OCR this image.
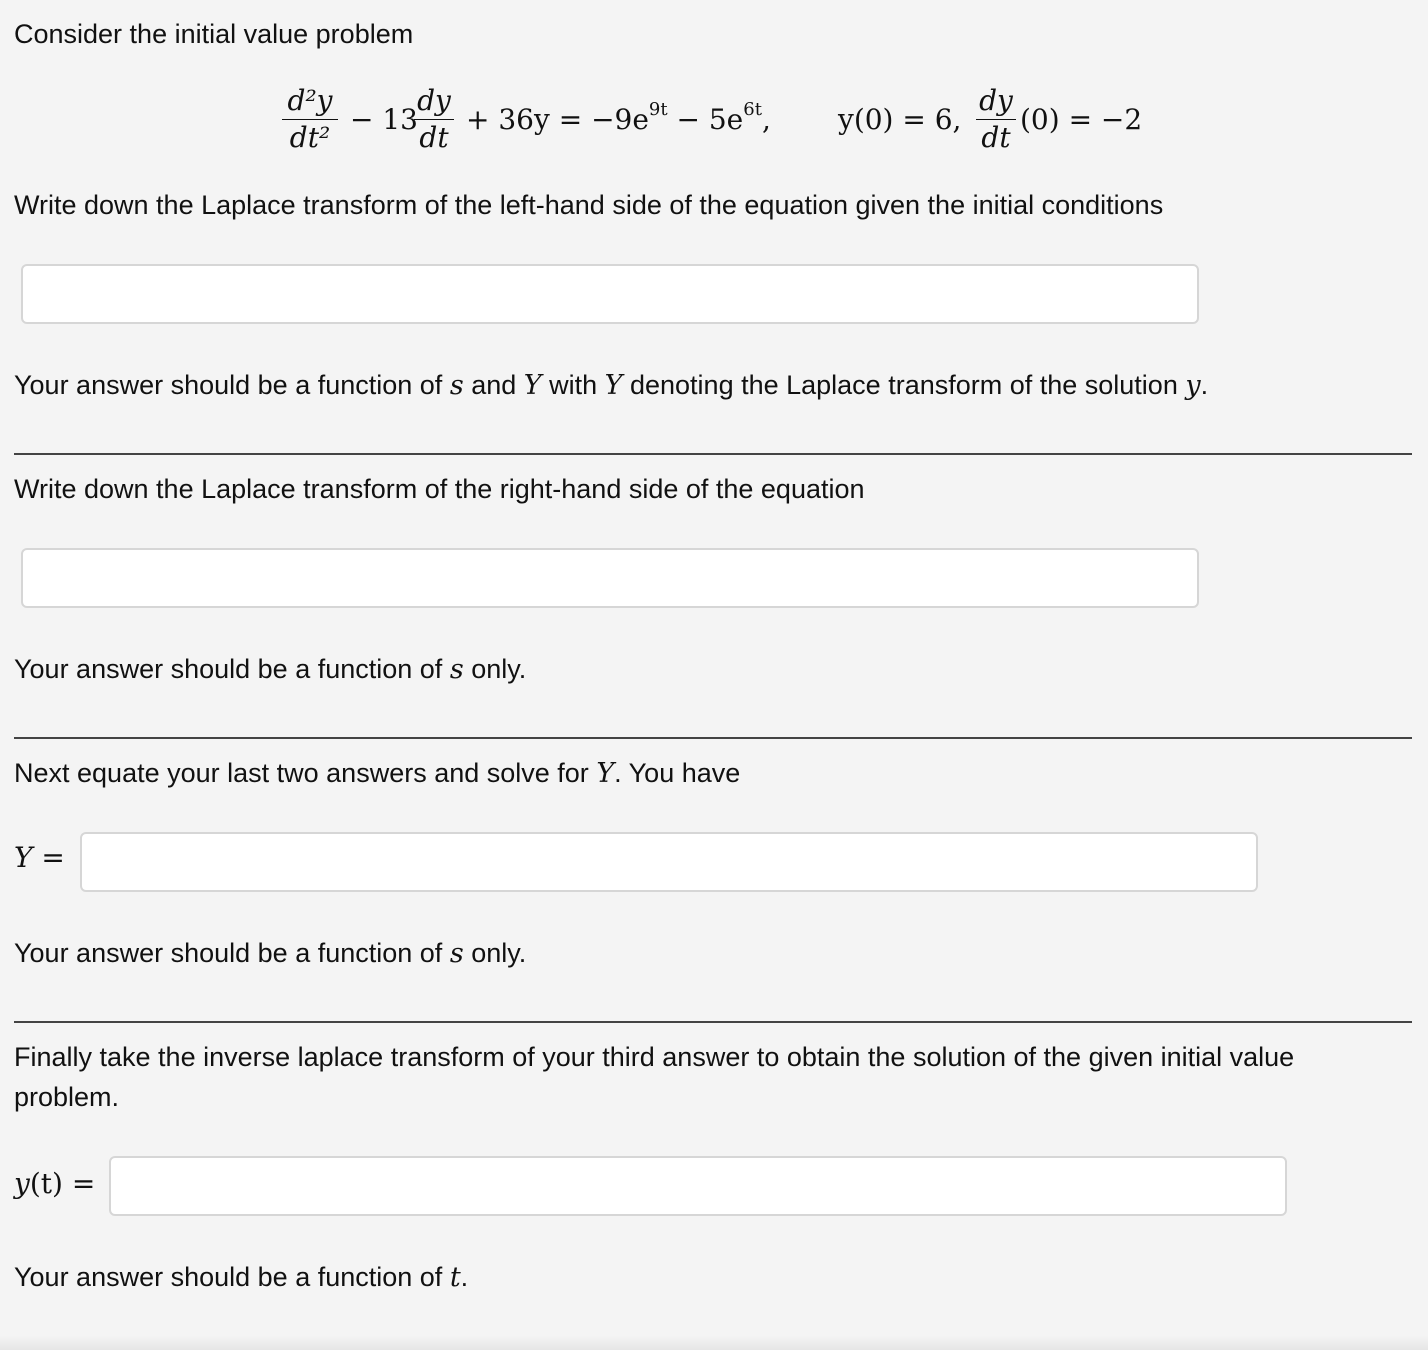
Consider the initial value problem
d²y
dt²
− 13
dy
dt
+ $36y = -9e^{9t} - 5e^{6t}$, y(0) = 6,
dy
dt
(0) = −2
Write down the Laplace transform of the left-hand side of the equation given the initial conditions
Your answer should be a function of s and Y with Y denoting the Laplace transform of the solution y.
Write down the Laplace transform of the right-hand side of the equation
Your answer should be a function of s only.
Next equate your last two answers and solve for Y. You have
Y =
Your answer should be a function of s only.
Finally take the inverse laplace transform of your third answer to obtain the solution of the given initial value
problem.
y(t) =
Your answer should be a function of t.
